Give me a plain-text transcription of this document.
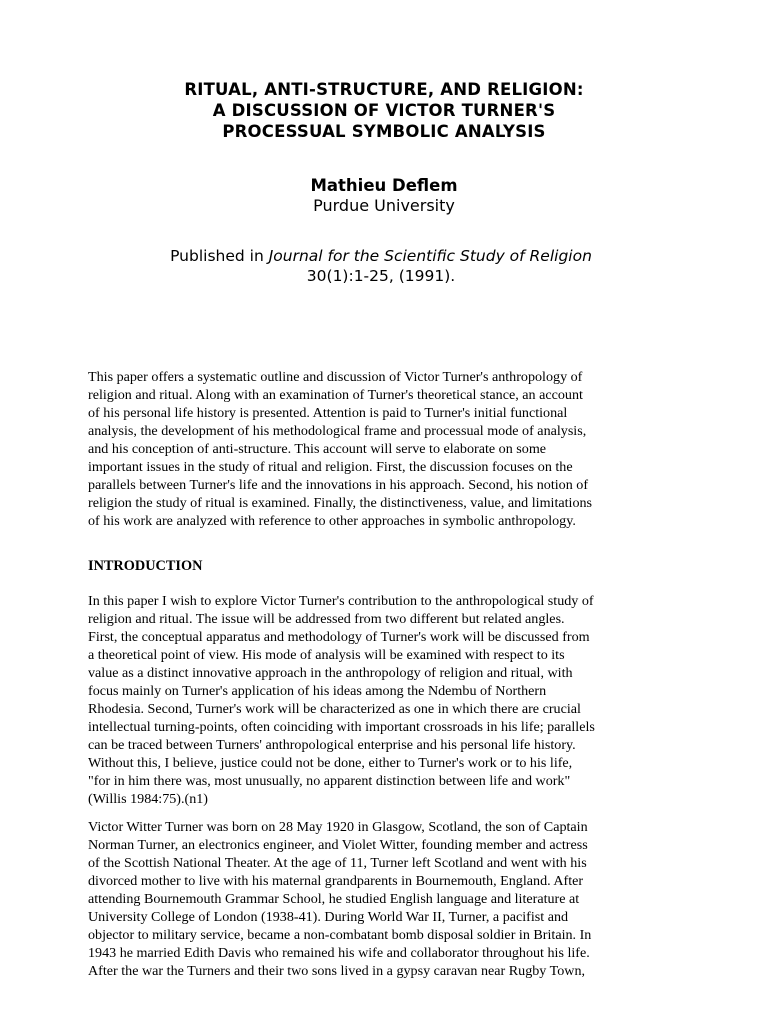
RITUAL, ANTI-STRUCTURE, AND RELIGION:
A DISCUSSION OF VICTOR TURNER'S
PROCESSUAL SYMBOLIC ANALYSIS
Mathieu Deflem
Purdue University
Published in Journal for the Scientific Study of Religion
30(1):1-25, (1991).
This paper offers a systematic outline and discussion of Victor Turner's anthropology of
religion and ritual. Along with an examination of Turner's theoretical stance, an account
of his personal life history is presented. Attention is paid to Turner's initial functional
analysis, the development of his methodological frame and processual mode of analysis,
and his conception of anti-structure. This account will serve to elaborate on some
important issues in the study of ritual and religion. First, the discussion focuses on the
parallels between Turner's life and the innovations in his approach. Second, his notion of
religion the study of ritual is examined. Finally, the distinctiveness, value, and limitations
of his work are analyzed with reference to other approaches in symbolic anthropology.
INTRODUCTION
In this paper I wish to explore Victor Turner's contribution to the anthropological study of
religion and ritual. The issue will be addressed from two different but related angles.
First, the conceptual apparatus and methodology of Turner's work will be discussed from
a theoretical point of view. His mode of analysis will be examined with respect to its
value as a distinct innovative approach in the anthropology of religion and ritual, with
focus mainly on Turner's application of his ideas among the Ndembu of Northern
Rhodesia. Second, Turner's work will be characterized as one in which there are crucial
intellectual turning-points, often coinciding with important crossroads in his life; parallels
can be traced between Turners' anthropological enterprise and his personal life history.
Without this, I believe, justice could not be done, either to Turner's work or to his life,
"for in him there was, most unusually, no apparent distinction between life and work"
(Willis 1984:75).(n1)
Victor Witter Turner was born on 28 May 1920 in Glasgow, Scotland, the son of Captain
Norman Turner, an electronics engineer, and Violet Witter, founding member and actress
of the Scottish National Theater. At the age of 11, Turner left Scotland and went with his
divorced mother to live with his maternal grandparents in Bournemouth, England. After
attending Bournemouth Grammar School, he studied English language and literature at
University College of London (1938-41). During World War II, Turner, a pacifist and
objector to military service, became a non-combatant bomb disposal soldier in Britain. In
1943 he married Edith Davis who remained his wife and collaborator throughout his life.
After the war the Turners and their two sons lived in a gypsy caravan near Rugby Town,
